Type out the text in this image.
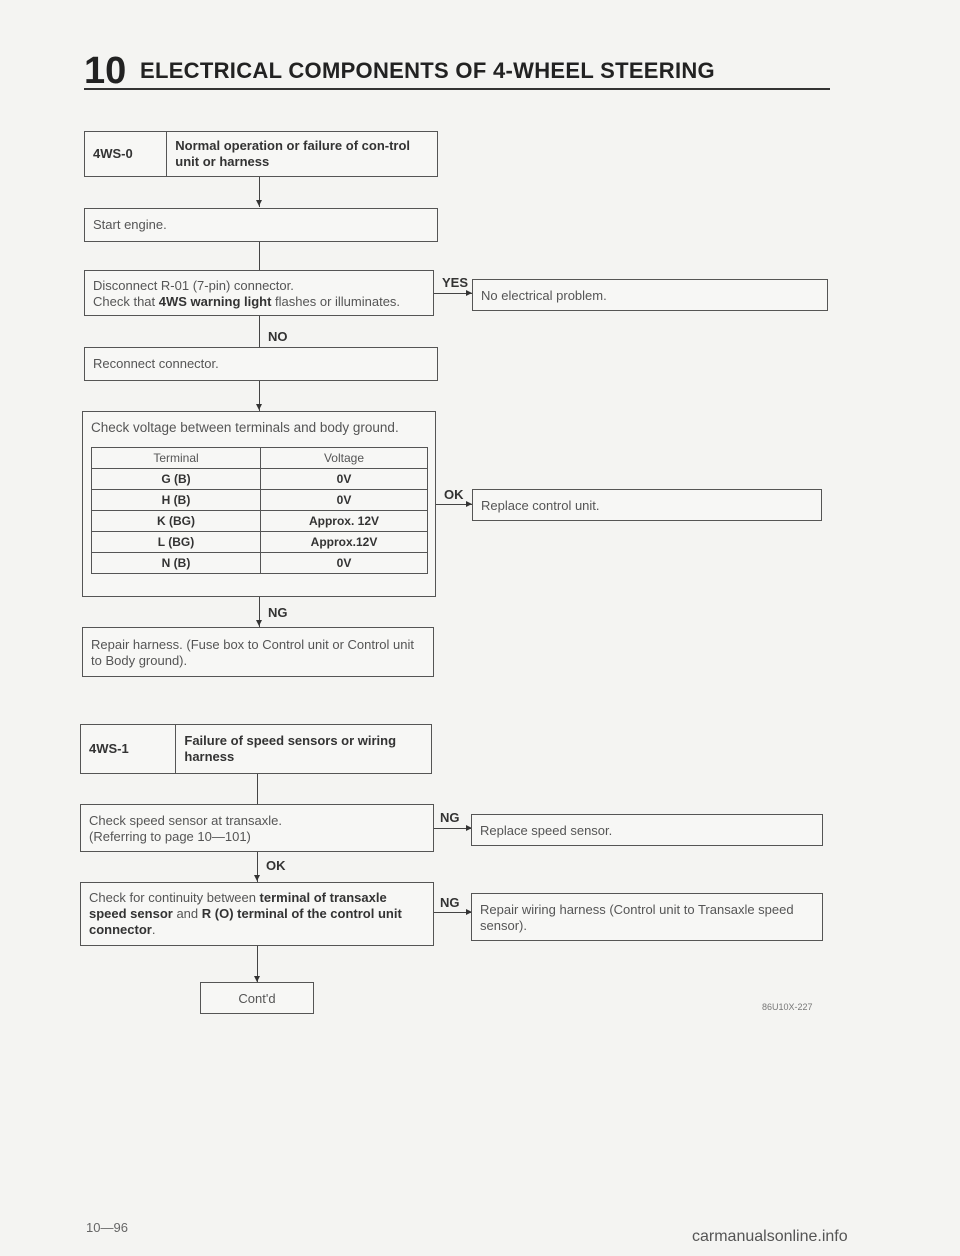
10 ELECTRICAL COMPONENTS OF 4-WHEEL STEERING
4WS-0
Normal operation or failure of con-trol unit or harness
Start engine.
Disconnect R-01 (7-pin) connector.
Check that 4WS warning light flashes or illuminates.
YES
No electrical problem.
NO
Reconnect connector.
Check voltage between terminals and body ground.
Terminal	Voltage
G (B)	0V
H (B)	0V
K (BG)	Approx. 12V
L (BG)	Approx.12V
N (B)	0V
OK
Replace control unit.
NG
Repair harness. (Fuse box to Control unit or Control unit to Body ground).
4WS-1
Failure of speed sensors or wiring harness
Check speed sensor at transaxle.
(Referring to page 10—101)
NG
Replace speed sensor.
OK
Check for continuity between terminal of transaxle speed sensor and R (O) terminal of the control unit connector.
NG	Repair wiring harness (Control unit to Transaxle speed sensor).
Cont'd
86U10X-227
10—96
carmanualsonline.info
